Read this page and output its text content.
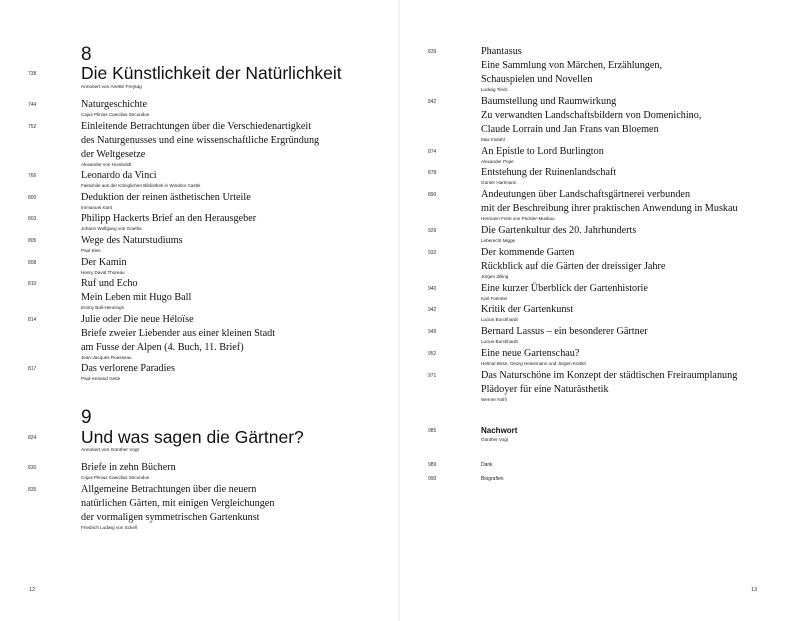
8
738	Die Künstlichkeit der Natürlichkeit
Annotiert von Anette Freytag
744	Naturgeschichte
Cajus Plinius Caecilius Secundus
752	Einleitende Betrachtungen über die Verschiedenartigkeit
des Naturgenusses und eine wissenschaftliche Ergründung
der Weltgesetze
Alexander von Humboldt
766	Leonardo da Vinci
Faksimile aus der Königlichen Bibliothek in Windsor Castle
800	Deduktion der reinen ästhetischen Urteile
Immanuel Kant
803	Philipp Hackerts Brief an den Herausgeber
Johann Wolfgang von Goethe
805	Wege des Naturstudiums
Paul Klee
808	Der Kamin
Henry David Thoreau
810	Ruf und Echo
Mein Leben mit Hugo Ball
Emmy Ball-Hennings
814	Julie oder Die neue Héloïse
Briefe zweier Liebender aus einer kleinen Stadt
am Fusse der Alpen (4. Buch, 11. Brief)
Jean-Jacques Rousseau
817	Das verlorene Paradies
Paul-Armand Gette
9
824	Und was sagen die Gärtner?
Annotiert von Günther Vogt
830	Briefe in zehn Büchern
Cajus Plinius Caecilius Secundus
835	Allgemeine Betrachtungen über die neuern
natürlichen Gärten, mit einigen Vergleichungen
der vormaligen symmetrischen Gartenkunst
Friedrich Ludwig von Sckell
12
839	Phantasus
Eine Sammlung von Märchen, Erzählungen,
Schauspielen und Novellen
Ludwig Tieck
842	Baumstellung und Raumwirkung
Zu verwandten Landschaftsbildern von Domenichino,
Claude Lorrain und Jan Frans van Bloemen
Max Imdahl
874	An Epistle to Lord Burlington
Alexander Pope
878	Entstehung der Ruinenlandschaft
Günter Hartmann
890	Andeutungen über Landschaftsgärtnerei verbunden
mit der Beschreibung ihrer praktischen Anwendung in Muskau
Hermann Fürst von Pückler-Muskau
929	Die Gartenkultur des 20. Jahrhunderts
Leberecht Migge
932	Der kommende Garten
Rückblick auf die Gärten der dreissiger Jahre
Jürgen Zilling
940	Eine kurzer Überblick der Gartenhistorie
Karl Foerster
942	Kritik der Gartenkunst
Lucius Burckhardt
949	Bernard Lassus – ein besonderer Gärtner
Lucius Burckhardt
952	Eine neue Gartenschau?
Helmut Böse, Georg Heinemann und Jürgen Knittel
971	Das Naturschöne im Konzept der städtischen Freiraumplanung
Plädoyer für eine Naturästhetik
Werner Nohl
985	Nachwort
Günther Vogt
989	Dank
990	Biografien
13
